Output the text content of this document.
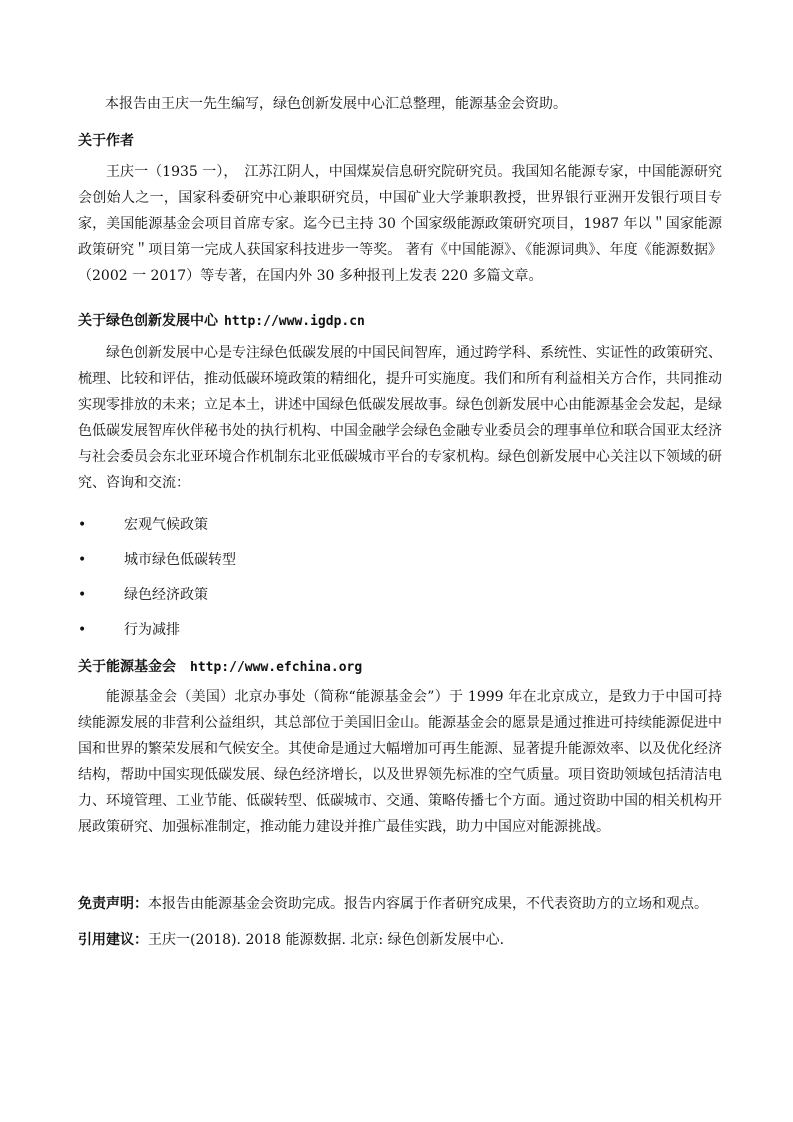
本报告由王庆一先生编写，绿色创新发展中心汇总整理，能源基金会资助。
关于作者
王庆一（1935 一），　江苏江阴人，中国煤炭信息研究院研究员。我国知名能源专家，中国能源研究会创始人之一，国家科委研究中心兼职研究员，中国矿业大学兼职教授，世界银行亚洲开发银行项目专家，美国能源基金会项目首席专家。迄今已主持 30 个国家级能源政策研究项目，1987 年以＂国家能源政策研究＂项目第一完成人获国家科技进步一等奖。 著有《中国能源》、《能源词典》、年度《能源数据》（2002 一 2017）等专著，在国内外 30 多种报刊上发表 220 多篇文章。
关于绿色创新发展中心 http://www.igdp.cn
绿色创新发展中心是专注绿色低碳发展的中国民间智库，通过跨学科、系统性、实证性的政策研究、梳理、比较和评估，推动低碳环境政策的精细化，提升可实施度。我们和所有利益相关方合作，共同推动实现零排放的未来；立足本土，讲述中国绿色低碳发展故事。绿色创新发展中心由能源基金会发起，是绿色低碳发展智库伙伴秘书处的执行机构、中国金融学会绿色金融专业委员会的理事单位和联合国亚太经济与社会委员会东北亚环境合作机制东北亚低碳城市平台的专家机构。绿色创新发展中心关注以下领域的研究、咨询和交流：
•	宏观气候政策
•	城市绿色低碳转型
•	绿色经济政策
•	行为减排
关于能源基金会 http://www.efchina.org
能源基金会（美国）北京办事处（简称“能源基金会”）于 1999 年在北京成立，是致力于中国可持续能源发展的非营利公益组织，其总部位于美国旧金山。能源基金会的愿景是通过推进可持续能源促进中国和世界的繁荣发展和气候安全。其使命是通过大幅增加可再生能源、显著提升能源效率、以及优化经济结构，帮助中国实现低碳发展、绿色经济增长，以及世界领先标准的空气质量。项目资助领域包括清洁电力、环境管理、工业节能、低碳转型、低碳城市、交通、策略传播七个方面。通过资助中国的相关机构开展政策研究、加强标准制定，推动能力建设并推广最佳实践，助力中国应对能源挑战。
免责声明：本报告由能源基金会资助完成。报告内容属于作者研究成果，不代表资助方的立场和观点。
引用建议：王庆一(2018). 2018 能源数据. 北京: 绿色创新发展中心.
